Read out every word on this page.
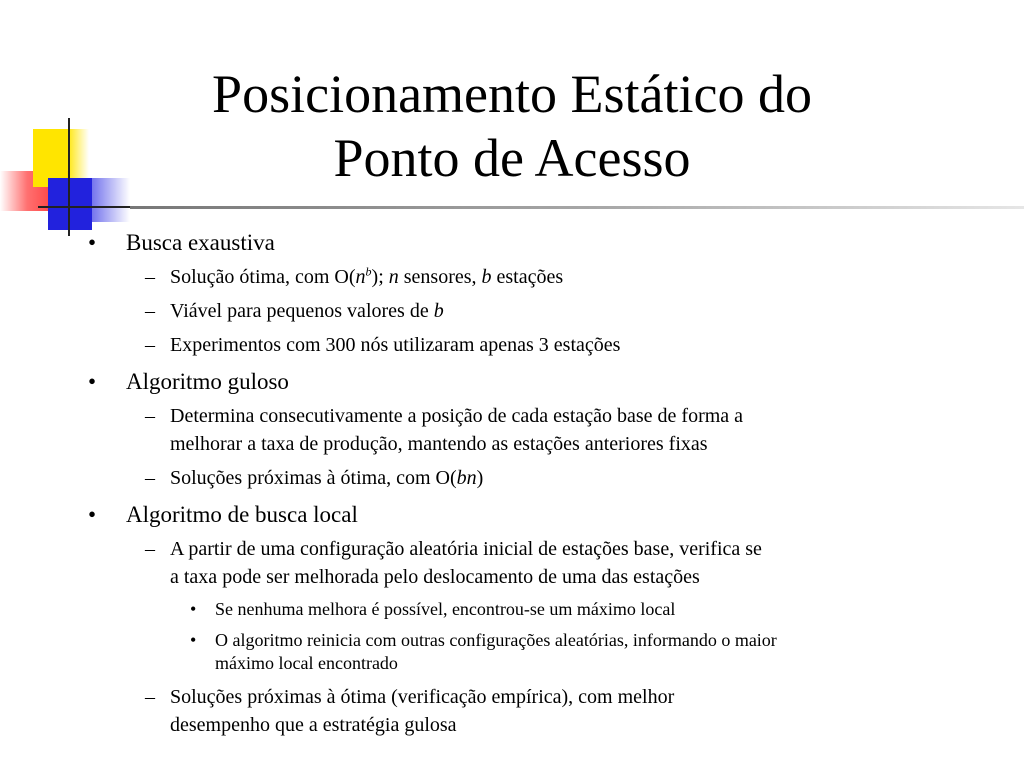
Posicionamento Estático do
Ponto de Acesso
• Busca exaustiva
– Solução ótima, com $O(n^b)$; n sensores, b estações
– Viável para pequenos valores de b
– Experimentos com 300 nós utilizaram apenas 3 estações
• Algoritmo guloso
– Determina consecutivamente a posição de cada estação base de forma a
melhorar a taxa de produção, mantendo as estações anteriores fixas
– Soluções próximas à ótima, com O(bn)
• Algoritmo de busca local
– A partir de uma configuração aleatória inicial de estações base, verifica se
a taxa pode ser melhorada pelo deslocamento de uma das estações
• Se nenhuma melhora é possível, encontrou-se um máximo local
• O algoritmo reinicia com outras configurações aleatórias, informando o maior
máximo local encontrado
– Soluções próximas à ótima (verificação empírica), com melhor
desempenho que a estratégia gulosa
